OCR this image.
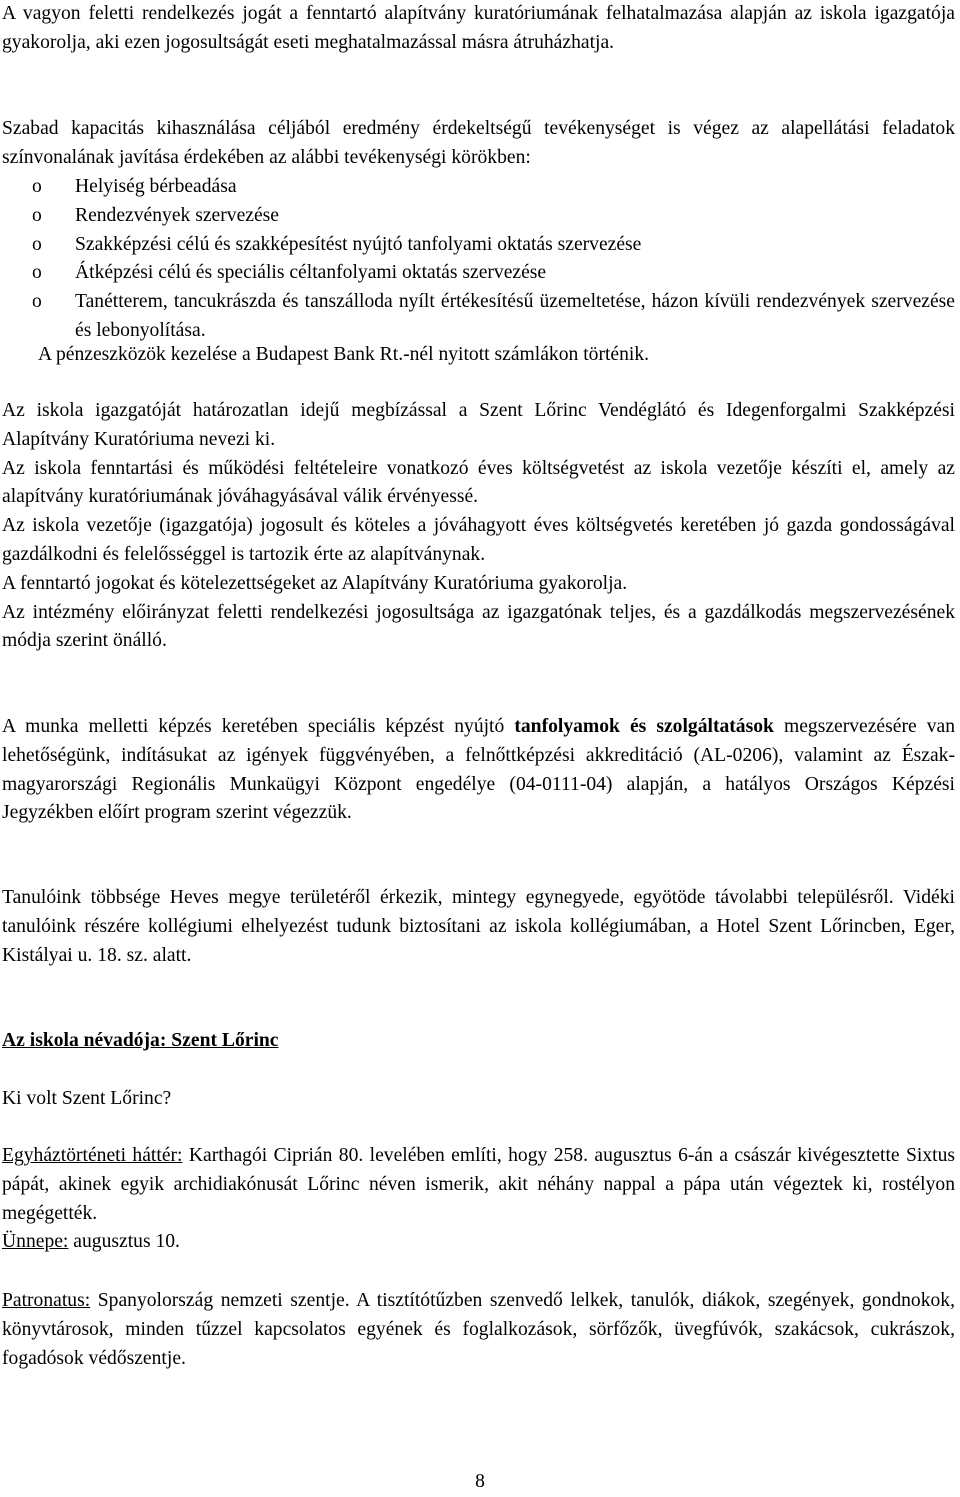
A vagyon feletti rendelkezés jogát a fenntartó alapítvány kuratóriumának felhatalmazása alapján az iskola igazgatója gyakorolja, aki ezen jogosultságát eseti meghatalmazással másra átruházhatja.

Szabad kapacitás kihasználása céljából eredmény érdekeltségű tevékenységet is végez az alapellátási feladatok színvonalának javítása érdekében az alábbi tevékenységi körökben:

o Helyiség bérbeadása
o Rendezvények szervezése
o Szakképzési célú és szakképesítést nyújtó tanfolyami oktatás szervezése
o Átképzési célú és speciális céltanfolyami oktatás szervezése
o Tanétterem, tancukrászda és tanszálloda nyílt értékesítésű üzemeltetése, házon kívüli rendezvények szervezése és lebonyolítása.

A pénzeszközök kezelése a Budapest Bank Rt.-nél nyitott számlákon történik.

Az iskola igazgatóját határozatlan idejű megbízással a Szent Lőrinc Vendéglátó és Idegenforgalmi Szakképzési Alapítvány Kuratóriuma nevezi ki.

Az iskola fenntartási és működési feltételeire vonatkozó éves költségvetést az iskola vezetője készíti el, amely az alapítvány kuratóriumának jóváhagyásával válik érvényessé.

Az iskola vezetője (igazgatója) jogosult és köteles a jóváhagyott éves költségvetés keretében jó gazda gondosságával gazdálkodni és felelősséggel is tartozik érte az alapítványnak.

A fenntartó jogokat és kötelezettségeket az Alapítvány Kuratóriuma gyakorolja.

Az intézmény előirányzat feletti rendelkezési jogosultsága az igazgatónak teljes, és a gazdálkodás megszervezésének módja szerint önálló.

A munka melletti képzés keretében speciális képzést nyújtó tanfolyamok és szolgáltatások megszervezésére van lehetőségünk, indításukat az igények függvényében, a felnőttképzési akkreditáció (AL-0206), valamint az Észak-magyarországi Regionális Munkaügyi Központ engedélye (04-0111-04) alapján, a hatályos Országos Képzési Jegyzékben előírt program szerint végezzük.

Tanulóink többsége Heves megye területéről érkezik, mintegy egynegyede, egyötöde távolabbi településről. Vidéki tanulóink részére kollégiumi elhelyezést tudunk biztosítani az iskola kollégiumában, a Hotel Szent Lőrincben, Eger, Kistályai u. 18. sz. alatt.

Az iskola névadója: Szent Lőrinc

Ki volt Szent Lőrinc?

Egyháztörténeti háttér: Karthagói Ciprián 80. levelében említi, hogy 258. augusztus 6-án a császár kivégesztette Sixtus pápát, akinek egyik archidiakónusát Lőrinc néven ismerik, akit néhány nappal a pápa után végeztek ki, rostélyon megégették.

Ünnepe: augusztus 10.

Patronatus: Spanyolország nemzeti szentje. A tisztítótűzben szenvedő lelkek, tanulók, diákok, szegények, gondnokok, könyvtárosok, minden tűzzel kapcsolatos egyének és foglalkozások, sörfőzők, üvegfúvók, szakácsok, cukrászok, fogadósok védőszentje.

8
